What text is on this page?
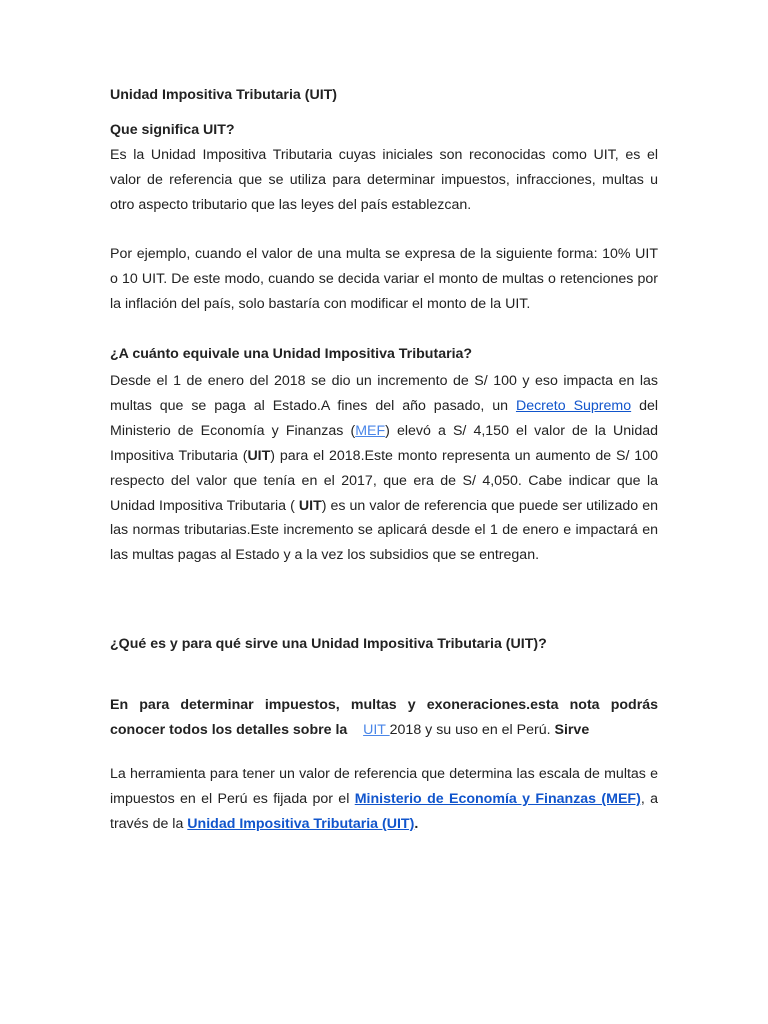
Unidad Impositiva Tributaria (UIT)

Que significa UIT?

Es la Unidad Impositiva Tributaria cuyas iniciales son reconocidas como UIT, es el valor de referencia que se utiliza para determinar impuestos, infracciones, multas u otro aspecto tributario que las leyes del país establezcan.

Por ejemplo, cuando el valor de una multa se expresa de la siguiente forma: 10% UIT o 10 UIT. De este modo, cuando se decida variar el monto de multas o retenciones por la inflación del país, solo bastaría con modificar el monto de la UIT.

¿A cuánto equivale una Unidad Impositiva Tributaria?

Desde el 1 de enero del 2018 se dio un incremento de S/ 100 y eso impacta en las multas que se paga al Estado.A fines del año pasado, un Decreto Supremo del Ministerio de Economía y Finanzas (MEF) elevó a S/ 4,150 el valor de la Unidad Impositiva Tributaria (UIT) para el 2018.Este monto representa un aumento de S/ 100 respecto del valor que tenía en el 2017, que era de S/ 4,050. Cabe indicar que la Unidad Impositiva Tributaria ( UIT) es un valor de referencia que puede ser utilizado en las normas tributarias.Este incremento se aplicará desde el 1 de enero e impactará en las multas pagas al Estado y a la vez los subsidios que se entregan.

¿Qué es y para qué sirve una Unidad Impositiva Tributaria (UIT)?

En para determinar impuestos, multas y exoneraciones.esta nota podrás conocer todos los detalles sobre la UIT 2018 y su uso en el Perú. Sirve

La herramienta para tener un valor de referencia que determina las escala de multas e impuestos en el Perú es fijada por el Ministerio de Economía y Finanzas (MEF), a través de la Unidad Impositiva Tributaria (UIT).
